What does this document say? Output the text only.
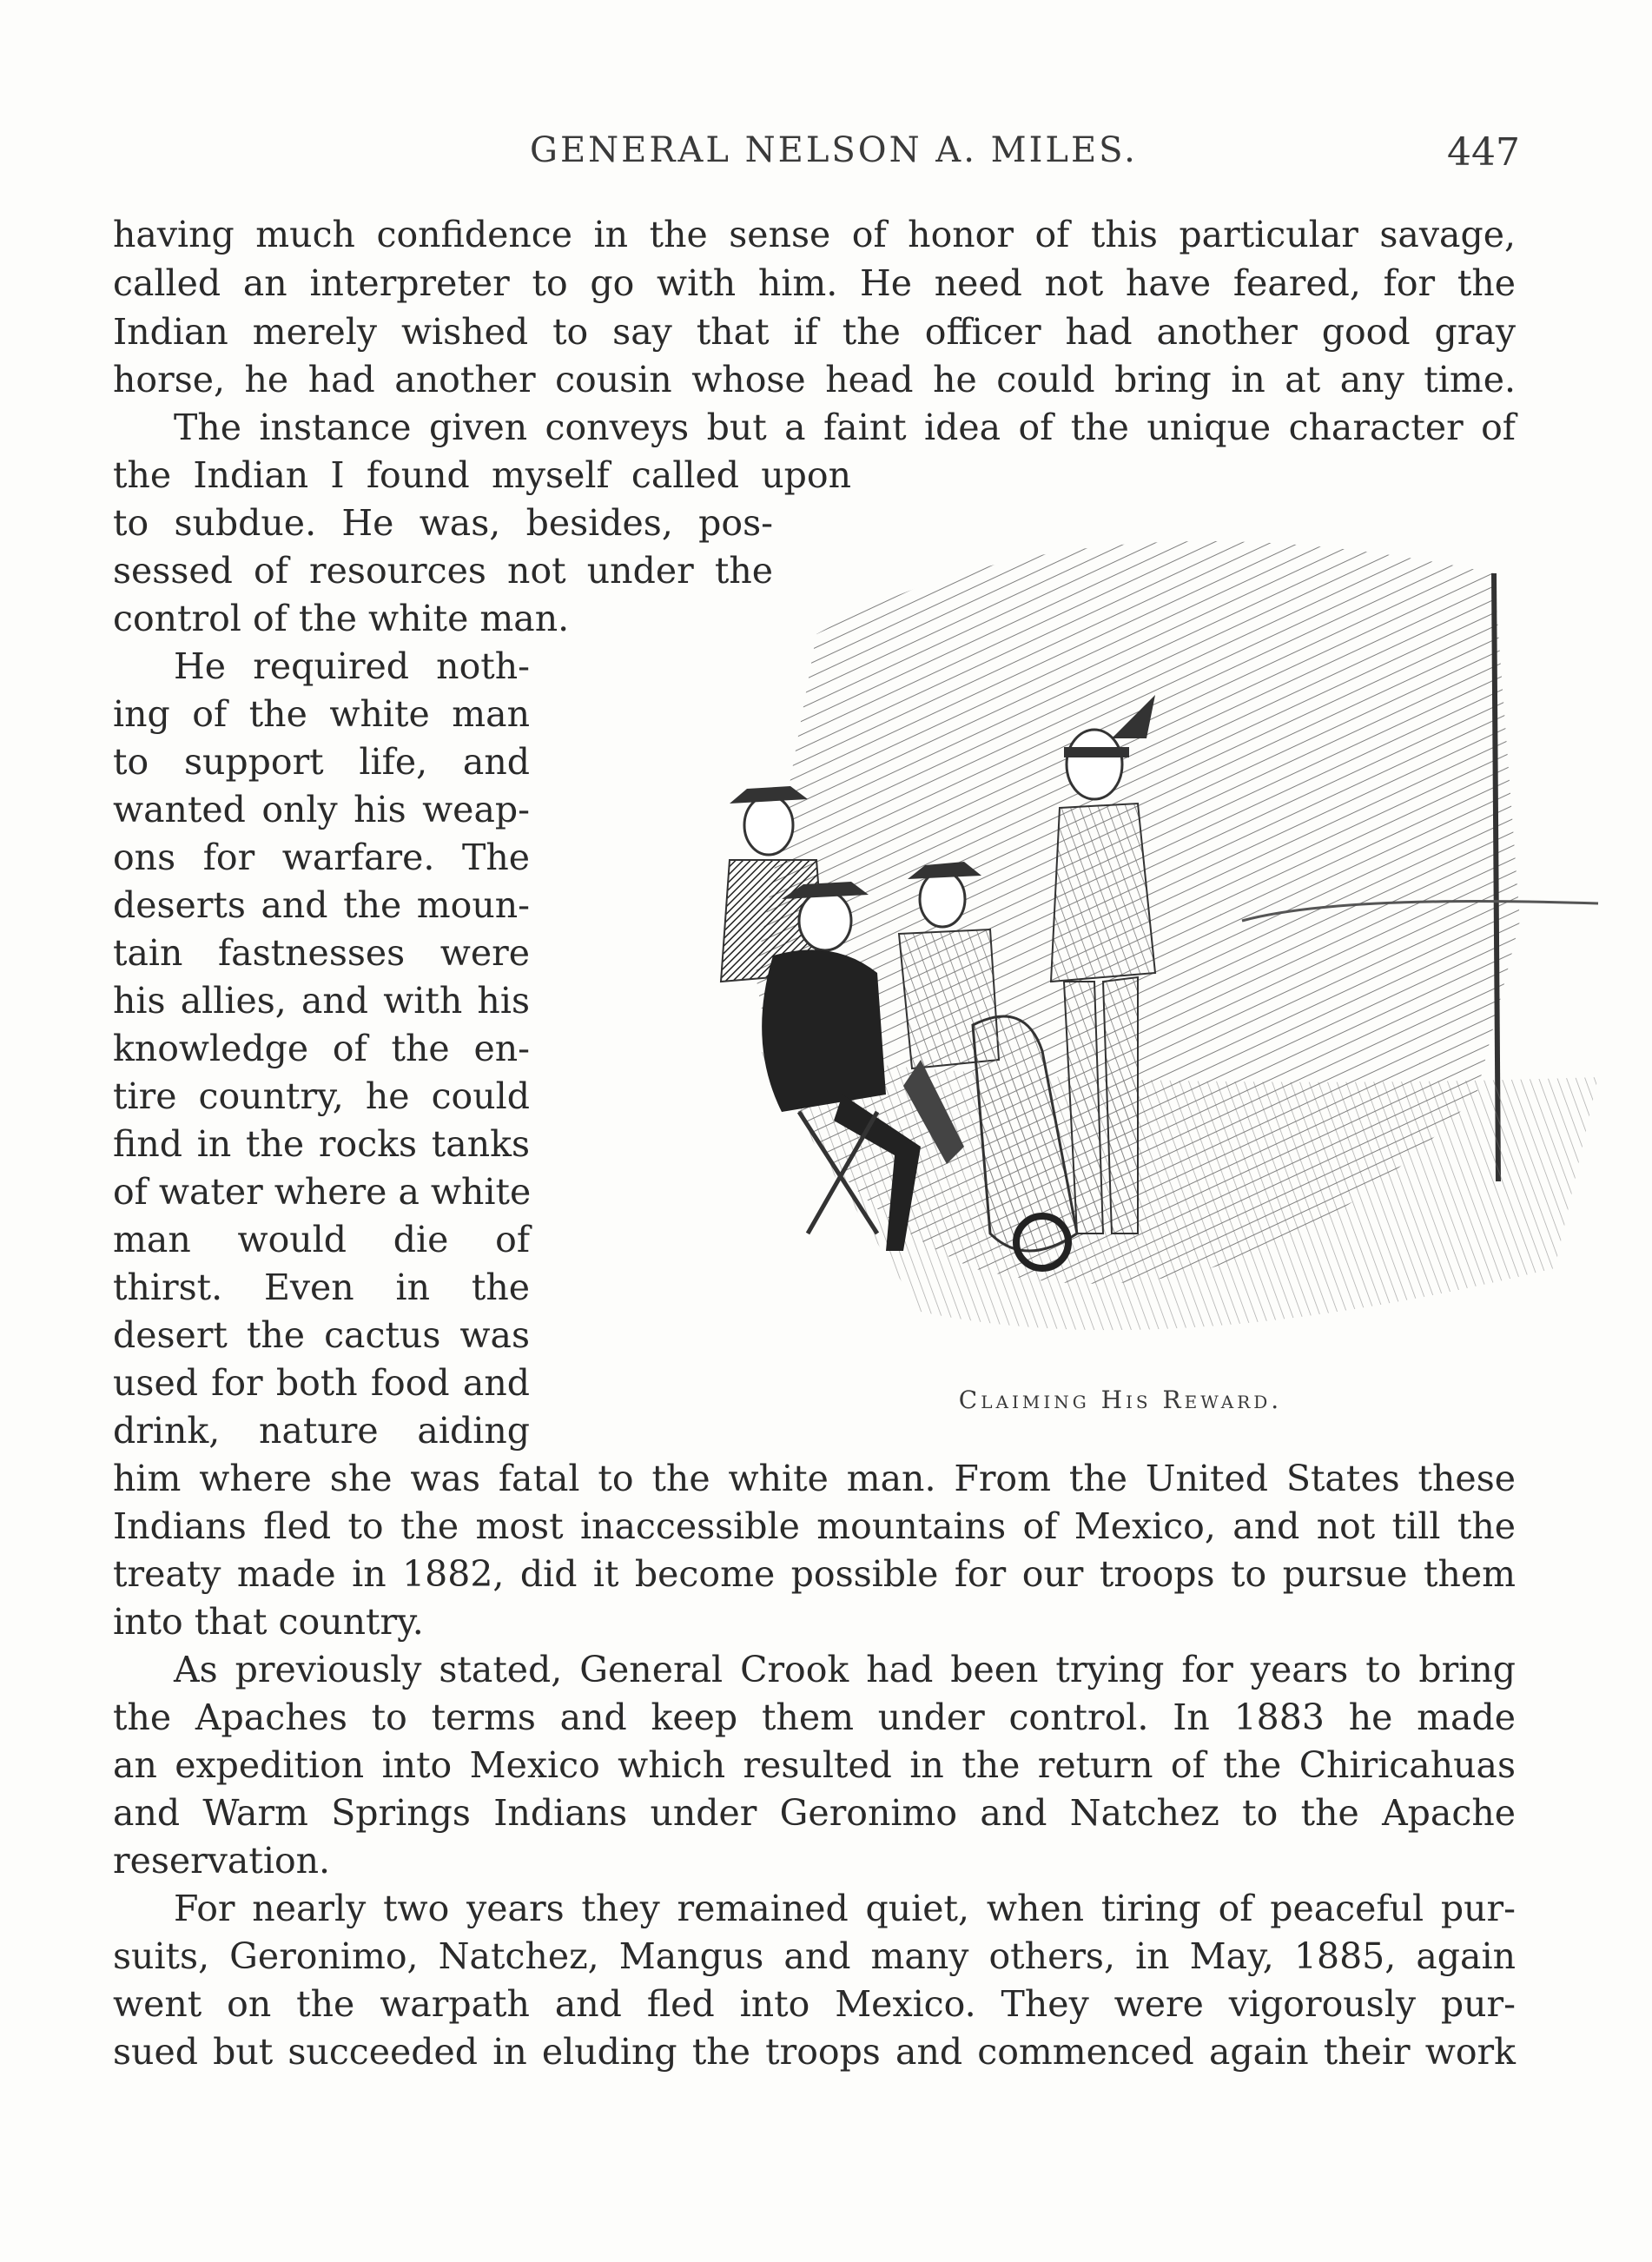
GENERAL NELSON A. MILES.	447
having much confidence in the sense of honor of this particular savage,
called an interpreter to go with him. He need not have feared, for the
Indian merely wished to say that if the officer had another good gray
horse, he had another cousin whose head he could bring in at any time.
The instance given conveys but a faint idea of the unique character of
the Indian I found myself called upon
to subdue. He was, besides, pos-
sessed of resources not under the
control of the white man.
He required noth-
ing of the white man
to support life, and
wanted only his weap-
ons for warfare. The
deserts and the moun-
tain fastnesses were
his allies, and with his
knowledge of the en-
tire country, he could
find in the rocks tanks
of water where a white
man would die of
thirst. Even in the
desert the cactus was
used for both food and
drink, nature aiding
him where she was fatal to the white man. From the United States these
Indians fled to the most inaccessible mountains of Mexico, and not till the
treaty made in 1882, did it become possible for our troops to pursue them
into that country.
As previously stated, General Crook had been trying for years to bring
the Apaches to terms and keep them under control. In 1883 he made
an expedition into Mexico which resulted in the return of the Chiricahuas
and Warm Springs Indians under Geronimo and Natchez to the Apache
reservation.
For nearly two years they remained quiet, when tiring of peaceful pur-
suits, Geronimo, Natchez, Mangus and many others, in May, 1885, again
went on the warpath and fled into Mexico. They were vigorously pur-
sued but succeeded in eluding the troops and commenced again their work
Claiming His Reward.
